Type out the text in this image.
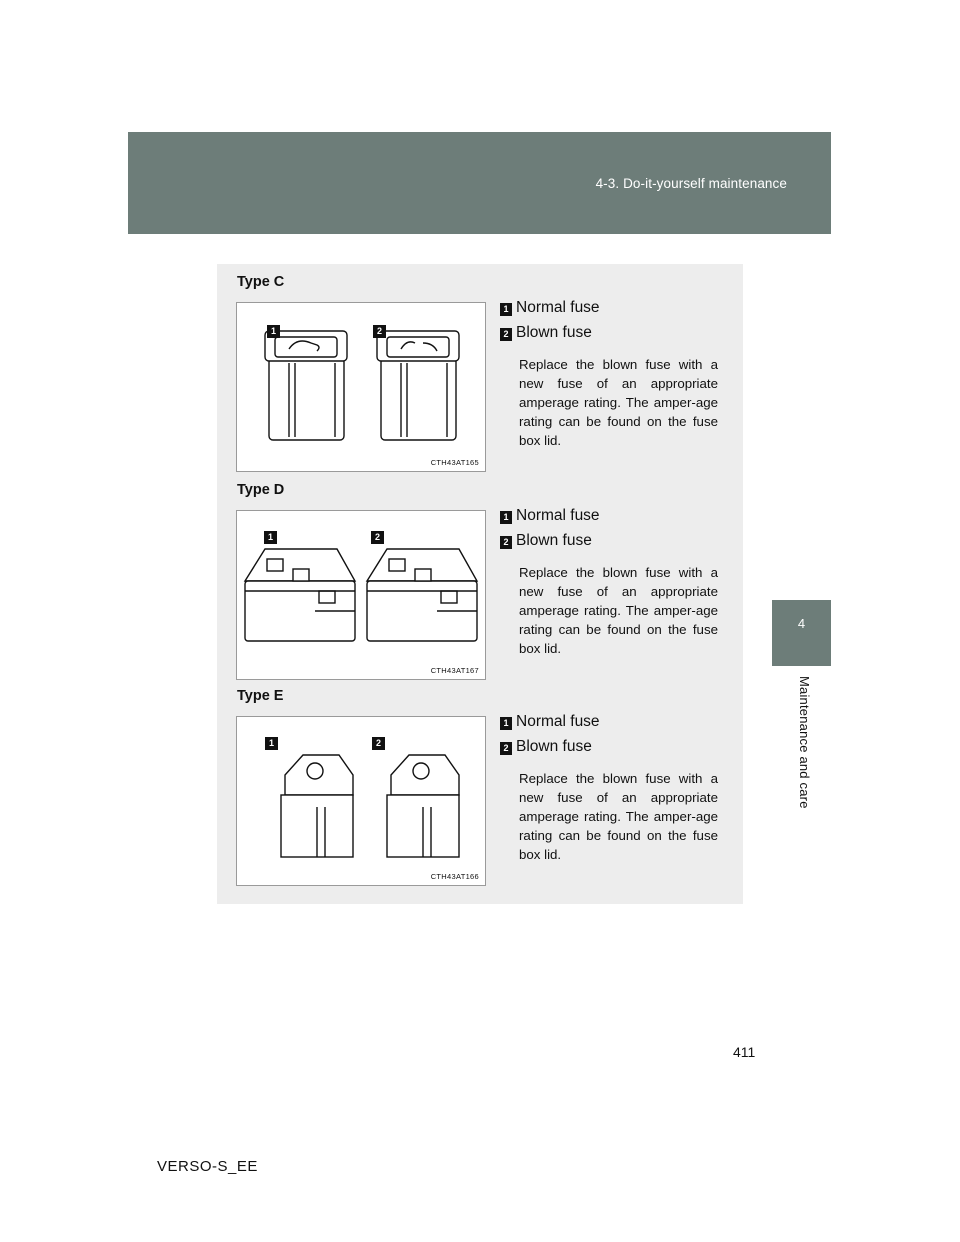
4-3. Do-it-yourself maintenance
4
Maintenance and care
Type C
1	2
CTH43AT165
1 Normal fuse
2 Blown fuse
Replace the blown fuse with a new fuse of an appropriate amperage rating. The amper-age rating can be found on the fuse box lid.
Type D
1	2
CTH43AT167
1 Normal fuse
2 Blown fuse
Replace the blown fuse with a new fuse of an appropriate amperage rating. The amper-age rating can be found on the fuse box lid.
Type E
1	2
CTH43AT166
1 Normal fuse
2 Blown fuse
Replace the blown fuse with a new fuse of an appropriate amperage rating. The amper-age rating can be found on the fuse box lid.
411
VERSO-S_EE
